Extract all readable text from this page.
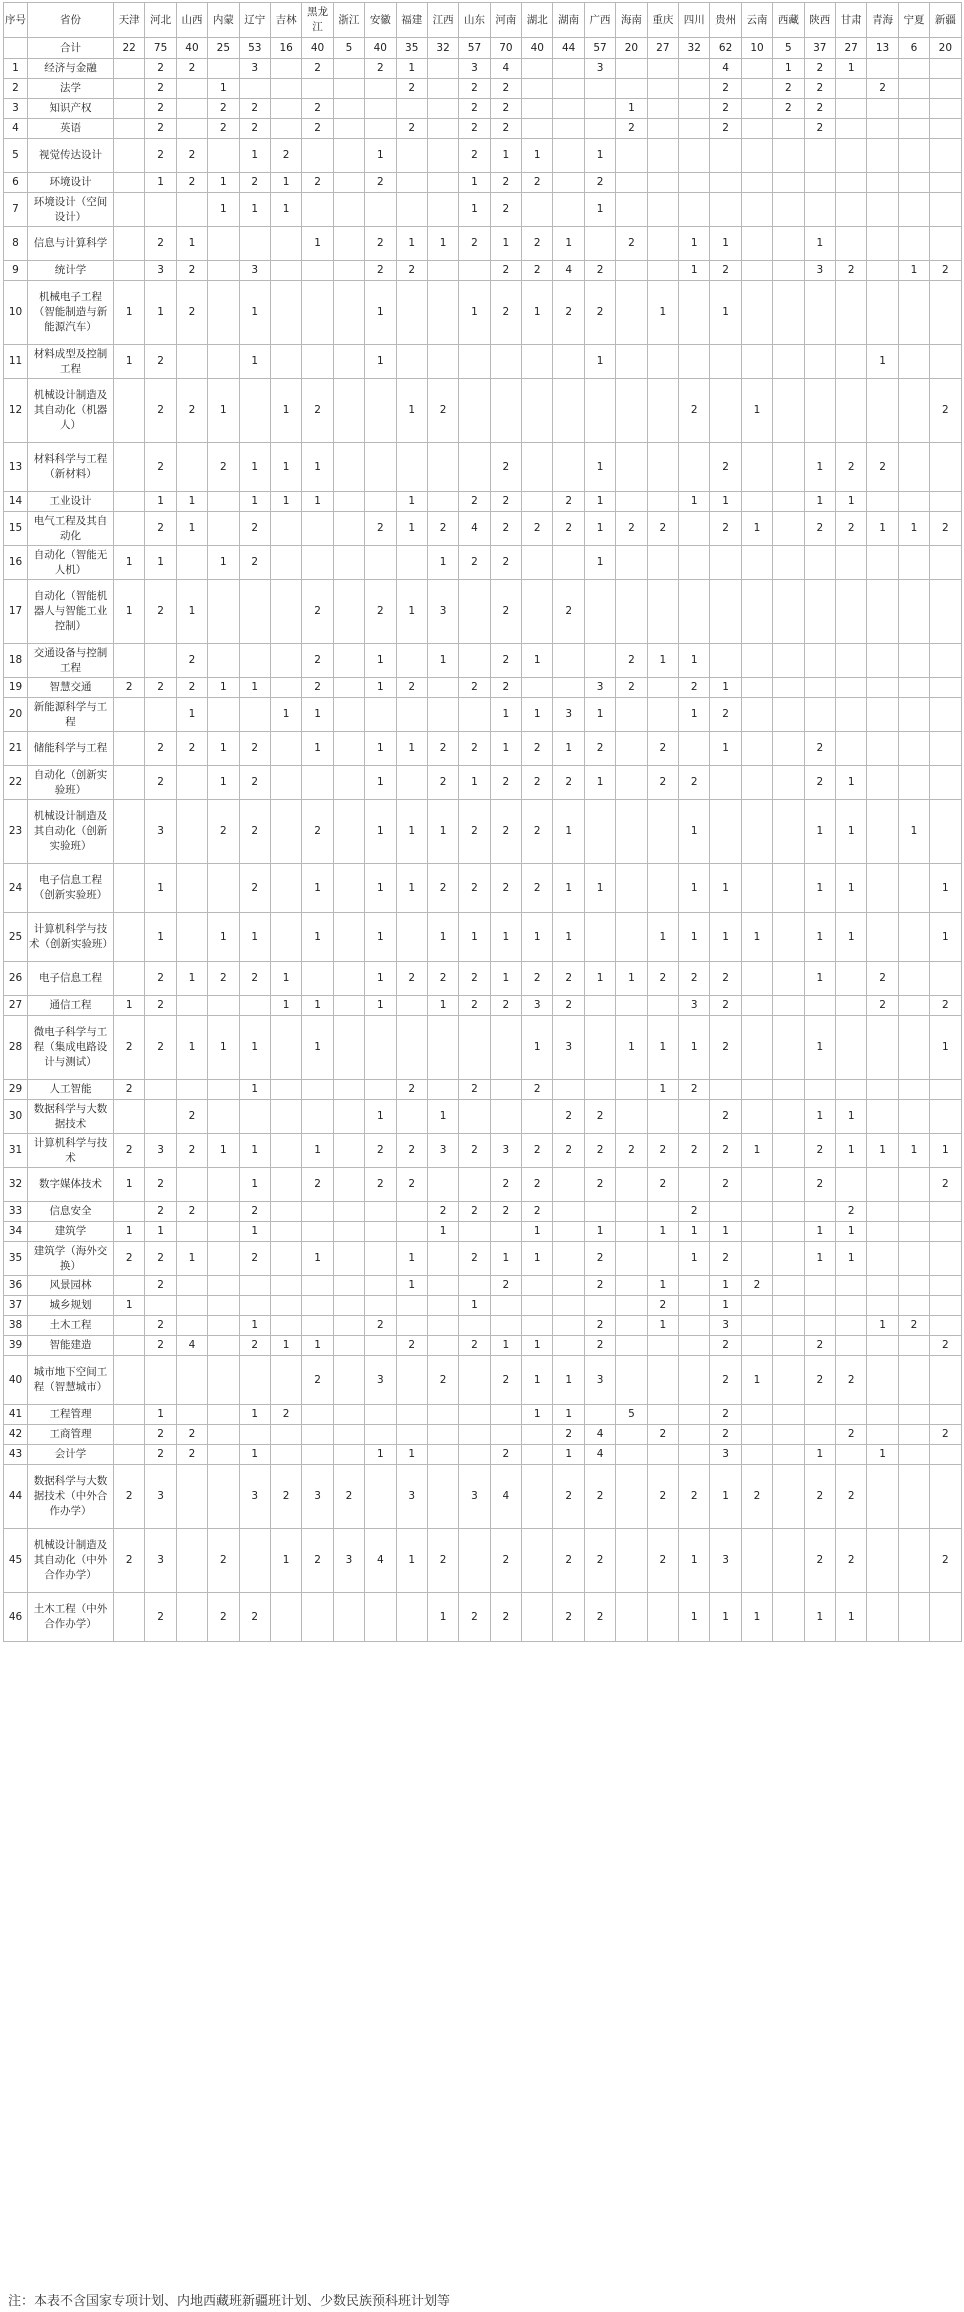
序号	省份	天津	河北	山西	内蒙	辽宁	吉林	黑龙江	浙江	安徽	福建	江西	山东	河南	湖北	湖南	广西	海南	重庆	四川	贵州	云南	西藏	陕西	甘肃	青海	宁夏	新疆
	合计	22	75	40	25	53	16	40	5	40	35	32	57	70	40	44	57	20	27	32	62	10	5	37	27	13	6	20
1	经济与金融		2	2		3		2		2	1		3	4			3				4		1	2	1			
2	法学		2		1						2		2	2							2		2	2		2		
3	知识产权		2		2	2		2					2	2				1			2		2	2				
4	英语		2		2	2		2			2		2	2				2			2			2				
5	视觉传达设计		2	2		1	2			1			2	1	1		1											
6	环境设计		1	2	1	2	1	2		2			1	2	2		2											
7	环境设计（空间设计）				1	1	1						1	2			1											
8	信息与计算科学		2	1				1		2	1	1	2	1	2	1		2		1	1			1				
9	统计学		3	2		3				2	2			2	2	4	2			1	2			3	2		1	2
10	机械电子工程（智能制造与新能源汽车）	1	1	2		1				1			1	2	1	2	2		1		1							
11	材料成型及控制工程	1	2			1				1							1									1		
12	机械设计制造及其自动化（机器人）		2	2	1		1	2			1	2								2		1						2
13	材料科学与工程（新材料）		2		2	1	1	1						2			1				2			1	2	2		
14	工业设计		1	1		1	1	1			1		2	2		2	1			1	1			1	1			
15	电气工程及其自动化		2	1		2				2	1	2	4	2	2	2	1	2	2		2	1		2	2	1	1	2
16	自动化（智能无人机）	1	1		1	2						1	2	2			1											
17	自动化（智能机器人与智能工业控制）	1	2	1				2		2	1	3		2		2												
18	交通设备与控制工程			2				2		1		1		2	1			2	1	1								
19	智慧交通	2	2	2	1	1		2		1	2		2	2			3	2		2	1							
20	新能源科学与工程			1			1	1						1	1	3	1			1	2							
21	储能科学与工程		2	2	1	2		1		1	1	2	2	1	2	1	2		2		1			2				
22	自动化（创新实验班）		2		1	2				1		2	1	2	2	2	1		2	2				2	1			
23	机械设计制造及其自动化（创新实验班）		3		2	2		2		1	1	1	2	2	2	1				1				1	1		1	
24	电子信息工程（创新实验班）		1			2		1		1	1	2	2	2	2	1	1			1	1			1	1			1
25	计算机科学与技术（创新实验班）		1		1	1		1		1		1	1	1	1	1			1	1	1	1		1	1			1
26	电子信息工程		2	1	2	2	1			1	2	2	2	1	2	2	1	1	2	2	2			1		2		
27	通信工程	1	2				1	1		1		1	2	2	3	2				3	2					2		2
28	微电子科学与工程（集成电路设计与测试）	2	2	1	1	1		1							1	3		1	1	1	2			1				1
29	人工智能	2				1					2		2		2				1	2								
30	数据科学与大数据技术			2						1		1				2	2				2			1	1			
31	计算机科学与技术	2	3	2	1	1		1		2	2	3	2	3	2	2	2	2	2	2	2	1		2	1	1	1	1
32	数字媒体技术	1	2			1		2		2	2			2	2		2		2		2			2				2
33	信息安全		2	2		2						2	2	2	2					2					2			
34	建筑学	1	1			1						1			1		1		1	1	1			1	1			
35	建筑学（海外交换）	2	2	1		2		1			1		2	1	1		2			1	2			1	1			
36	风景园林		2								1			2			2		1		1	2						
37	城乡规划	1											1						2		1							
38	土木工程		2			1				2							2		1		3					1	2	
39	智能建造		2	4		2	1	1			2		2	1	1		2				2			2				2
40	城市地下空间工程（智慧城市）							2		3		2		2	1	1	3				2	1		2	2			
41	工程管理		1			1	2								1	1		5			2							
42	工商管理		2	2												2	4		2		2				2			2
43	会计学		2	2		1				1	1			2		1	4				3			1		1		
44	数据科学与大数据技术（中外合作办学）	2	3			3	2	3	2		3		3	4		2	2		2	2	1	2		2	2			
45	机械设计制造及其自动化（中外合作办学）	2	3		2		1	2	3	4	1	2		2		2	2		2	1	3			2	2			2
46	土木工程（中外合作办学）		2		2	2						1	2	2		2	2			1	1	1		1	1			
注：本表不含国家专项计划、内地西藏班新疆班计划、少数民族预科班计划等
